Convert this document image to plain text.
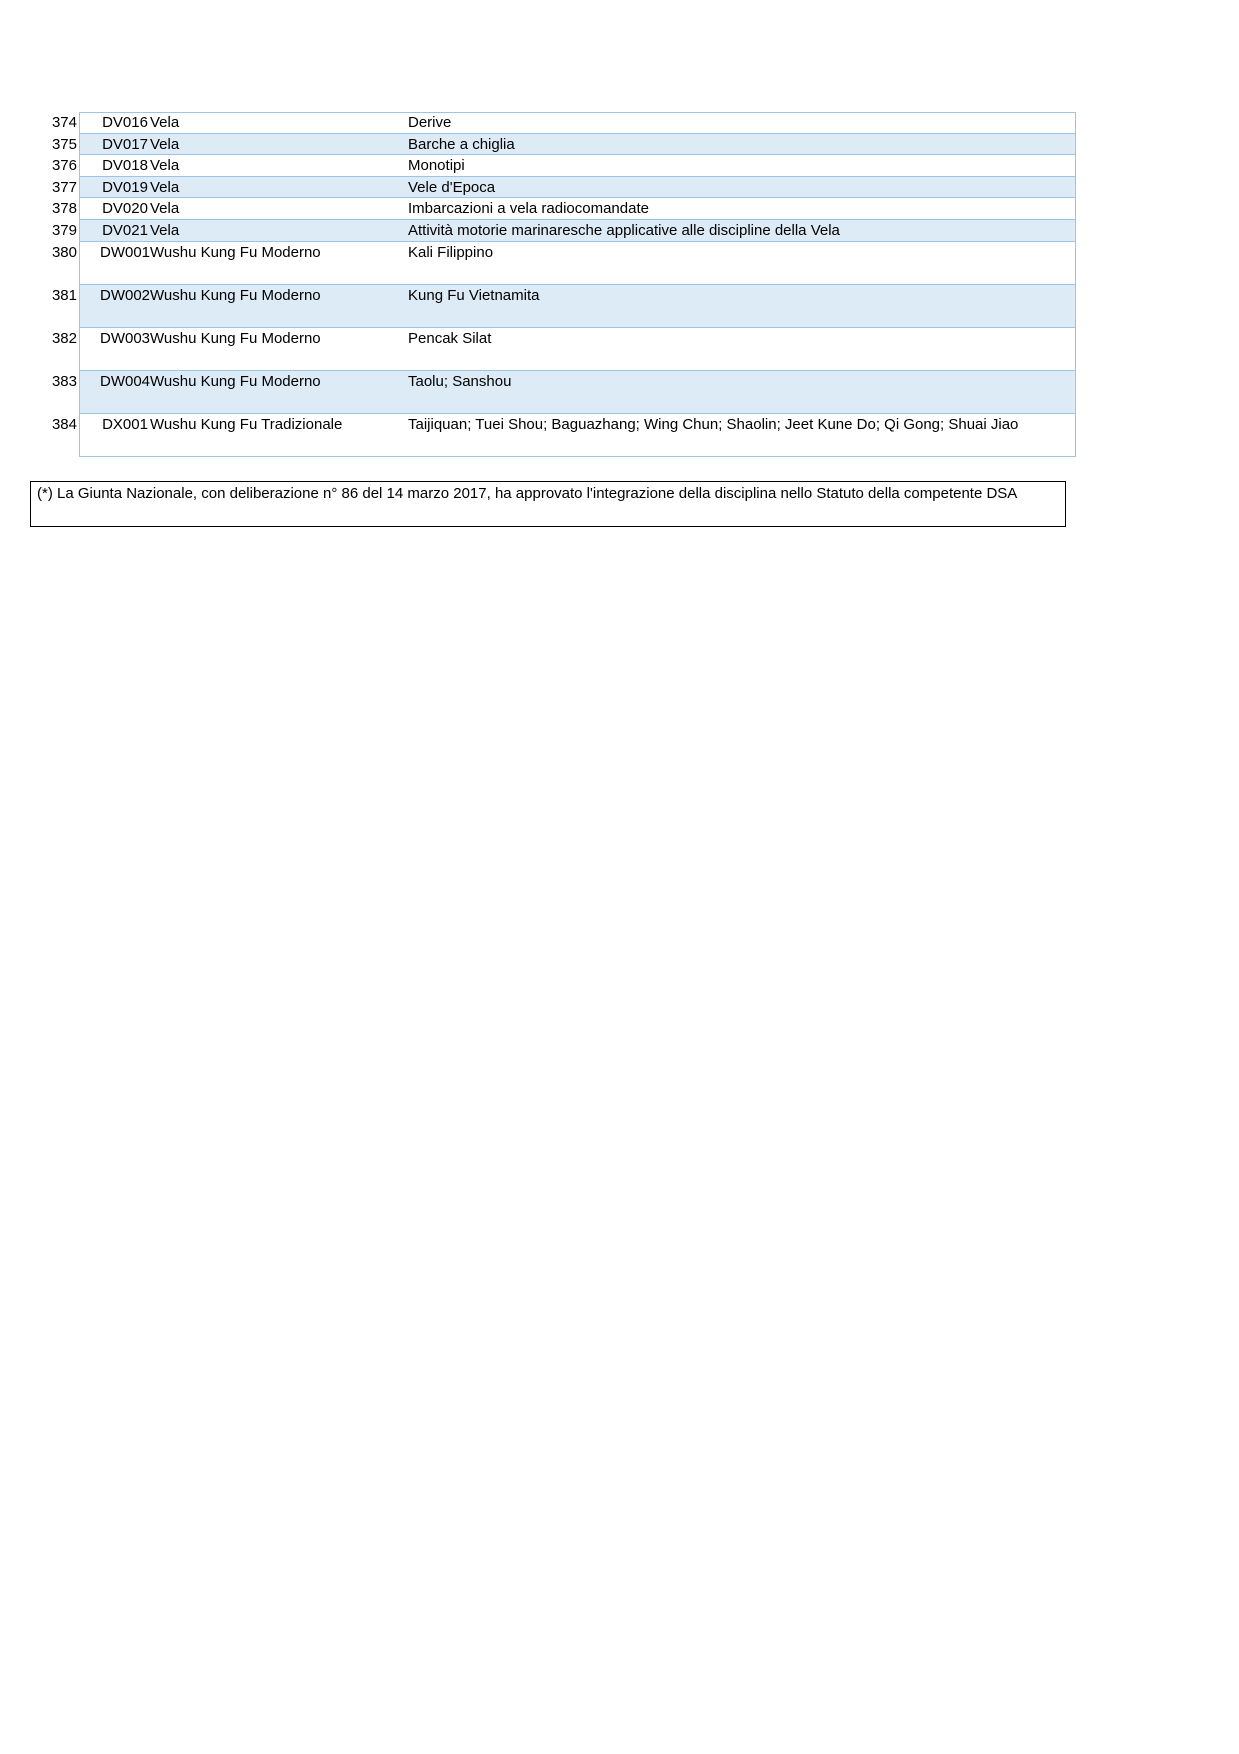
374	DV016 Vela	Derive
375	DV017 Vela	Barche a chiglia
376	DV018 Vela	Monotipi
377	DV019 Vela	Vele d'Epoca
378	DV020 Vela	Imbarcazioni a vela radiocomandate
379	DV021 Vela	Attività motorie marinaresche applicative alle discipline della Vela
380	DW001 Wushu Kung Fu Moderno	Kali Filippino
381	DW002 Wushu Kung Fu Moderno	Kung Fu Vietnamita
382	DW003 Wushu Kung Fu Moderno	Pencak Silat
383	DW004 Wushu Kung Fu Moderno	Taolu; Sanshou
384	DX001 Wushu Kung Fu Tradizionale	Taijiquan; Tuei Shou; Baguazhang; Wing Chun; Shaolin; Jeet Kune Do; Qi Gong; Shuai Jiao
(*) La Giunta Nazionale, con deliberazione n° 86 del 14 marzo 2017, ha approvato l'integrazione della disciplina nello Statuto della competente DSA
